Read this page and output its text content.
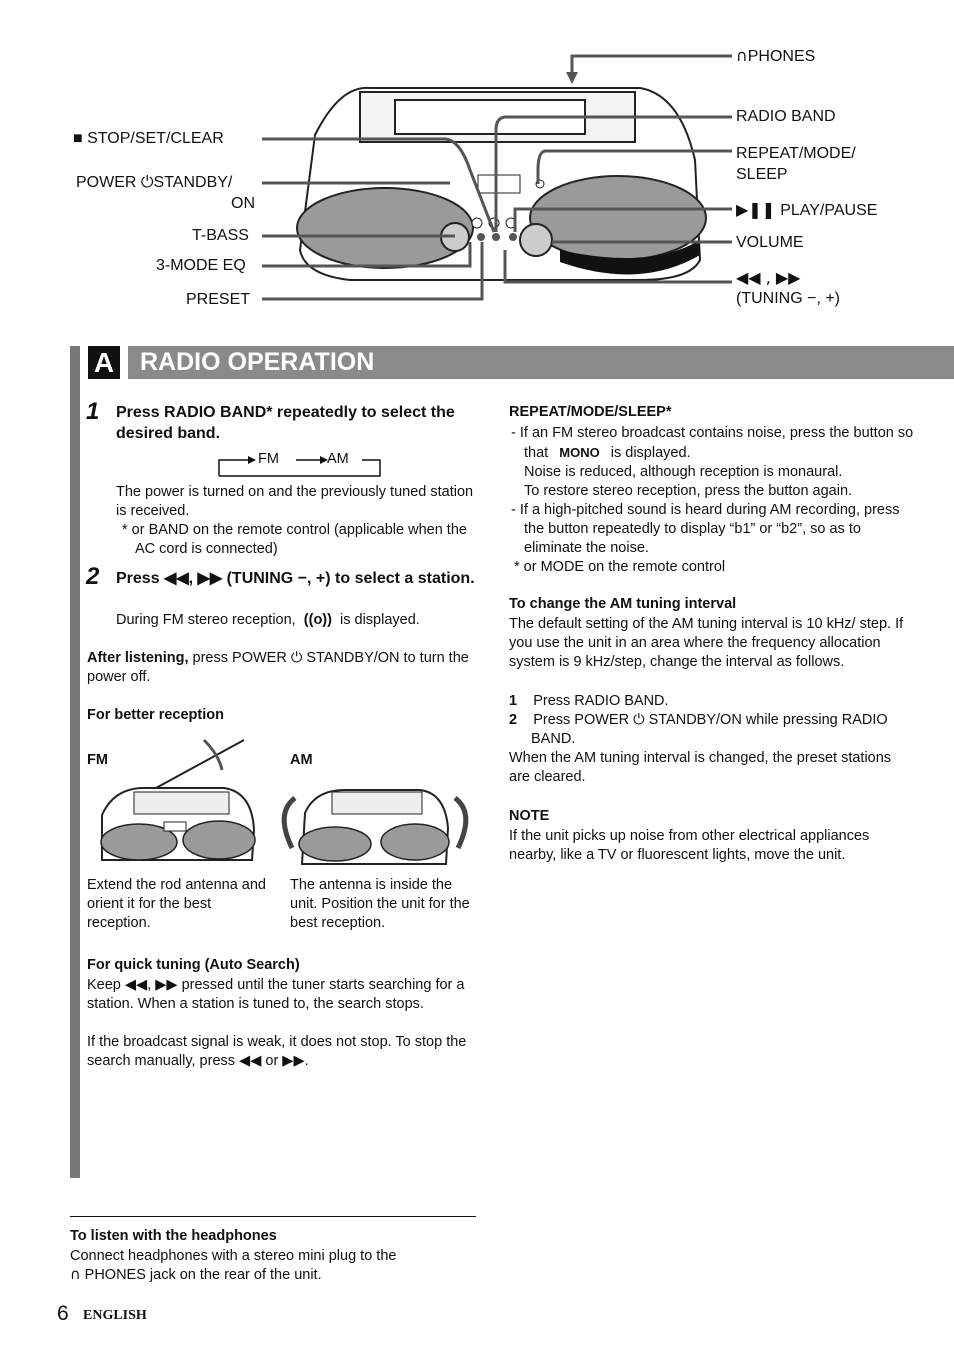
■ STOP/SET/CLEAR
POWER ⏻STANDBY/
ON
T-BASS
3-MODE EQ
PRESET
∩PHONES
RADIO BAND
REPEAT/MODE/
SLEEP
▶❚❚ PLAY/PAUSE
VOLUME
◀◀ , ▶▶
(TUNING −, +)
A RADIO OPERATION
1 Press RADIO BAND* repeatedly to select the desired band.
FM	AM

The power is turned on and the previously tuned station is received.

* or BAND on the remote control (applicable when the AC cord is connected)

2 Press ◀◀, ▶▶ (TUNING −, +) to select a station.

During FM stereo reception, ((o)) is displayed.

After listening, press POWER ⏻ STANDBY/ON to turn the power off.

For better reception

FM	AM

Extend the rod antenna and orient it for the best reception.

The antenna is inside the unit. Position the unit for the best reception.

For quick tuning (Auto Search)

Keep ◀◀, ▶▶ pressed until the tuner starts searching for a station. When a station is tuned to, the search stops.

If the broadcast signal is weak, it does not stop. To stop the search manually, press ◀◀ or ▶▶.

REPEAT/MODE/SLEEP*

- If an FM stereo broadcast contains noise, press the button so that MONO is displayed.

Noise is reduced, although reception is monaural.

To restore stereo reception, press the button again.

- If a high-pitched sound is heard during AM recording, press the button repeatedly to display “b1” or “b2”, so as to eliminate the noise.

* or MODE on the remote control

To change the AM tuning interval

The default setting of the AM tuning interval is 10 kHz/ step. If you use the unit in an area where the frequency allocation system is 9 kHz/step, change the interval as follows.

1 Press RADIO BAND.

2 Press POWER ⏻ STANDBY/ON while pressing RADIO BAND.

When the AM tuning interval is changed, the preset stations are cleared.

NOTE

If the unit picks up noise from other electrical appliances nearby, like a TV or fluorescent lights, move the unit.

To listen with the headphones

Connect headphones with a stereo mini plug to the

∩ PHONES jack on the rear of the unit.

6 ENGLISH
